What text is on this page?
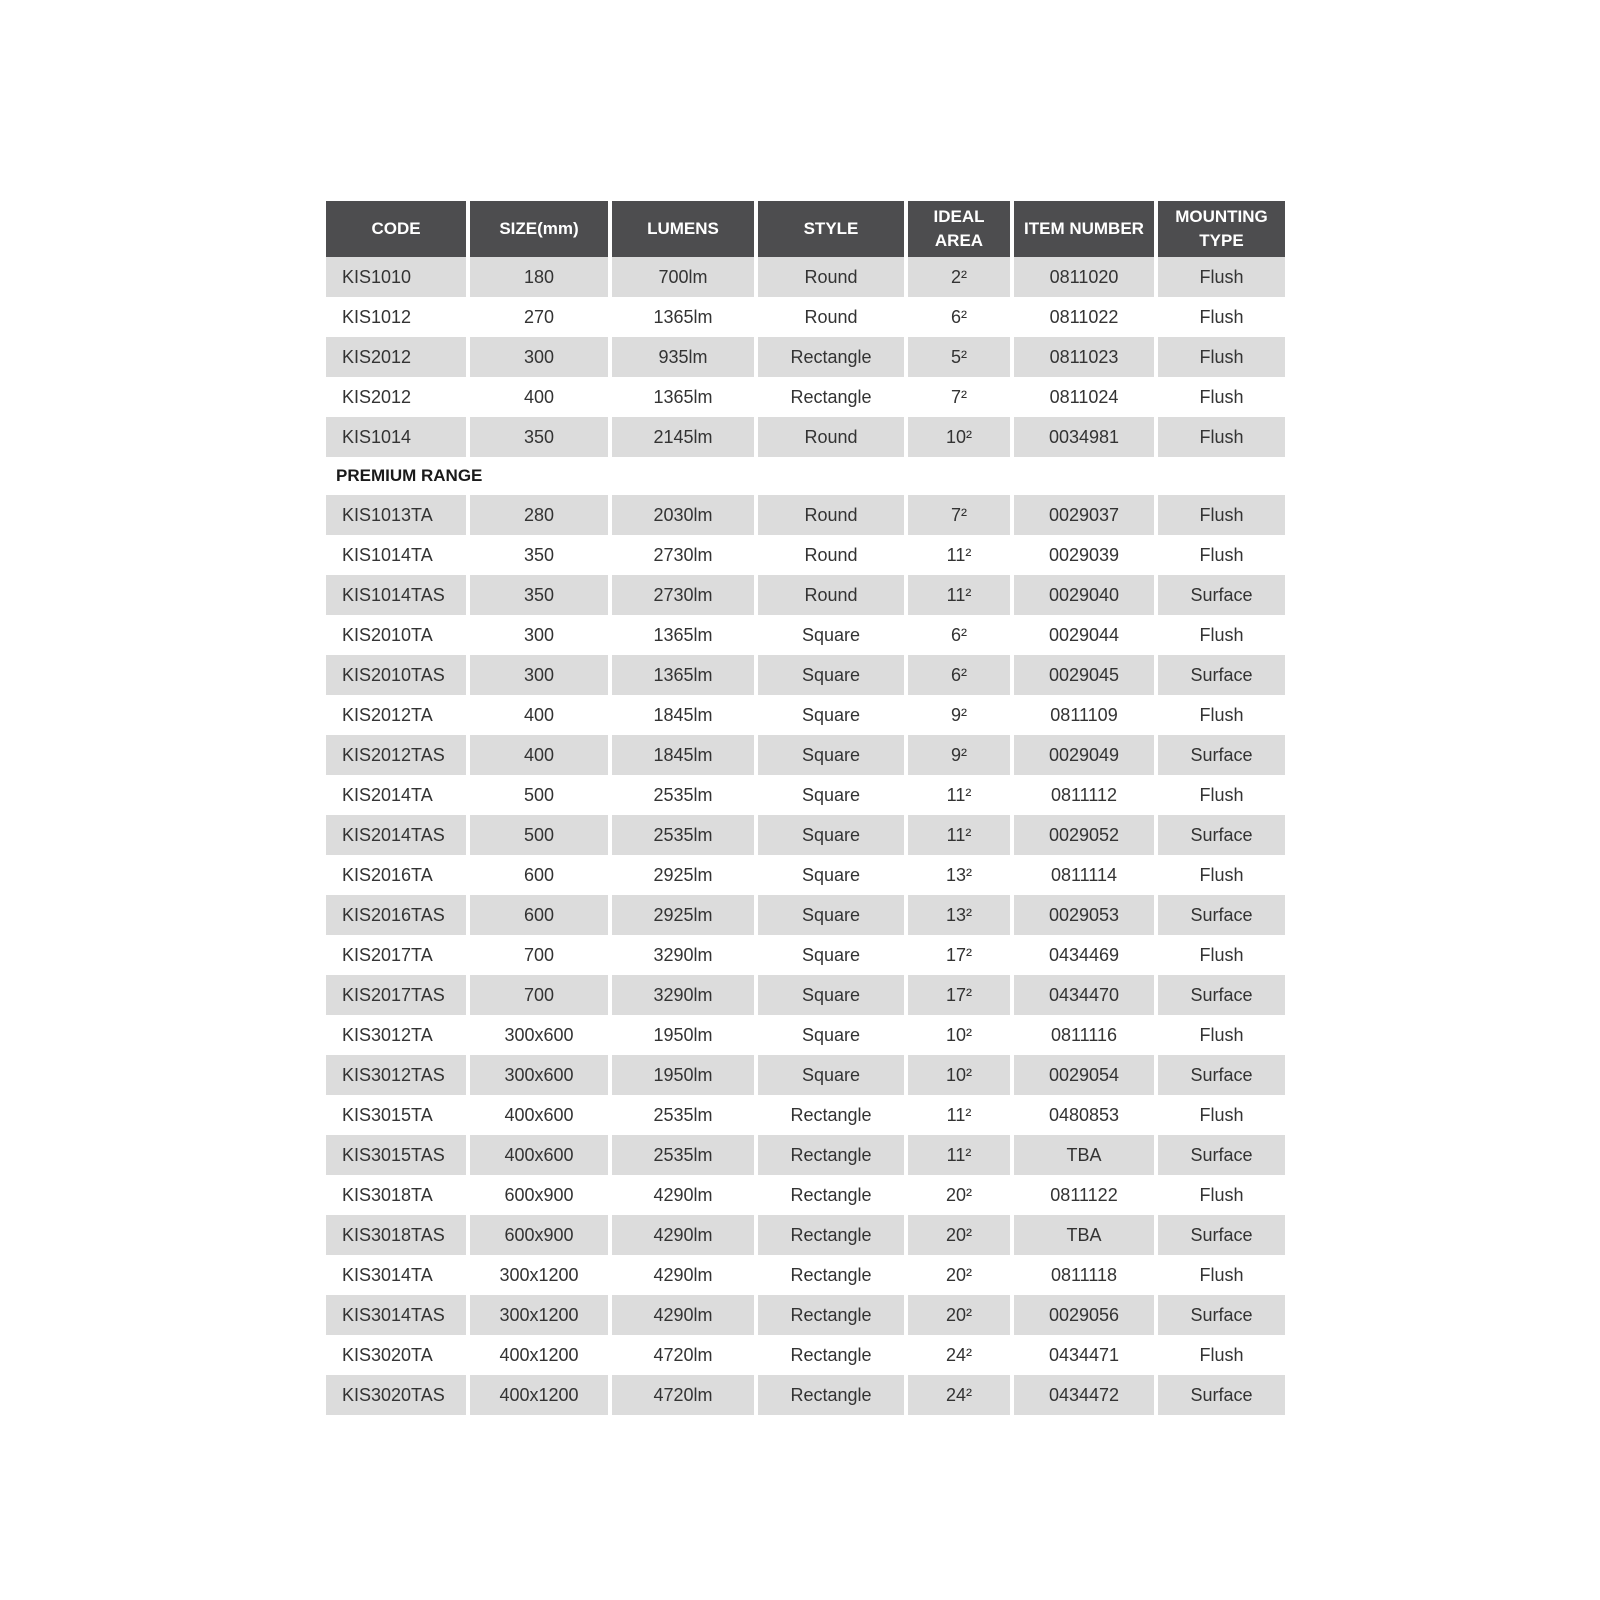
CODE	SIZE(mm)	LUMENS	STYLE	IDEAL AREA	ITEM NUMBER	MOUNTING TYPE
KIS1010	180	700lm	Round	2²	0811020	Flush
KIS1012	270	1365lm	Round	6²	0811022	Flush
KIS2012	300	935lm	Rectangle	5²	0811023	Flush
KIS2012	400	1365lm	Rectangle	7²	0811024	Flush
KIS1014	350	2145lm	Round	10²	0034981	Flush
PREMIUM RANGE						
KIS1013TA	280	2030lm	Round	7²	0029037	Flush
KIS1014TA	350	2730lm	Round	11²	0029039	Flush
KIS1014TAS	350	2730lm	Round	11²	0029040	Surface
KIS2010TA	300	1365lm	Square	6²	0029044	Flush
KIS2010TAS	300	1365lm	Square	6²	0029045	Surface
KIS2012TA	400	1845lm	Square	9²	0811109	Flush
KIS2012TAS	400	1845lm	Square	9²	0029049	Surface
KIS2014TA	500	2535lm	Square	11²	0811112	Flush
KIS2014TAS	500	2535lm	Square	11²	0029052	Surface
KIS2016TA	600	2925lm	Square	13²	0811114	Flush
KIS2016TAS	600	2925lm	Square	13²	0029053	Surface
KIS2017TA	700	3290lm	Square	17²	0434469	Flush
KIS2017TAS	700	3290lm	Square	17²	0434470	Surface
KIS3012TA	300x600	1950lm	Square	10²	0811116	Flush
KIS3012TAS	300x600	1950lm	Square	10²	0029054	Surface
KIS3015TA	400x600	2535lm	Rectangle	11²	0480853	Flush
KIS3015TAS	400x600	2535lm	Rectangle	11²	TBA	Surface
KIS3018TA	600x900	4290lm	Rectangle	20²	0811122	Flush
KIS3018TAS	600x900	4290lm	Rectangle	20²	TBA	Surface
KIS3014TA	300x1200	4290lm	Rectangle	20²	0811118	Flush
KIS3014TAS	300x1200	4290lm	Rectangle	20²	0029056	Surface
KIS3020TA	400x1200	4720lm	Rectangle	24²	0434471	Flush
KIS3020TAS	400x1200	4720lm	Rectangle	24²	0434472	Surface
